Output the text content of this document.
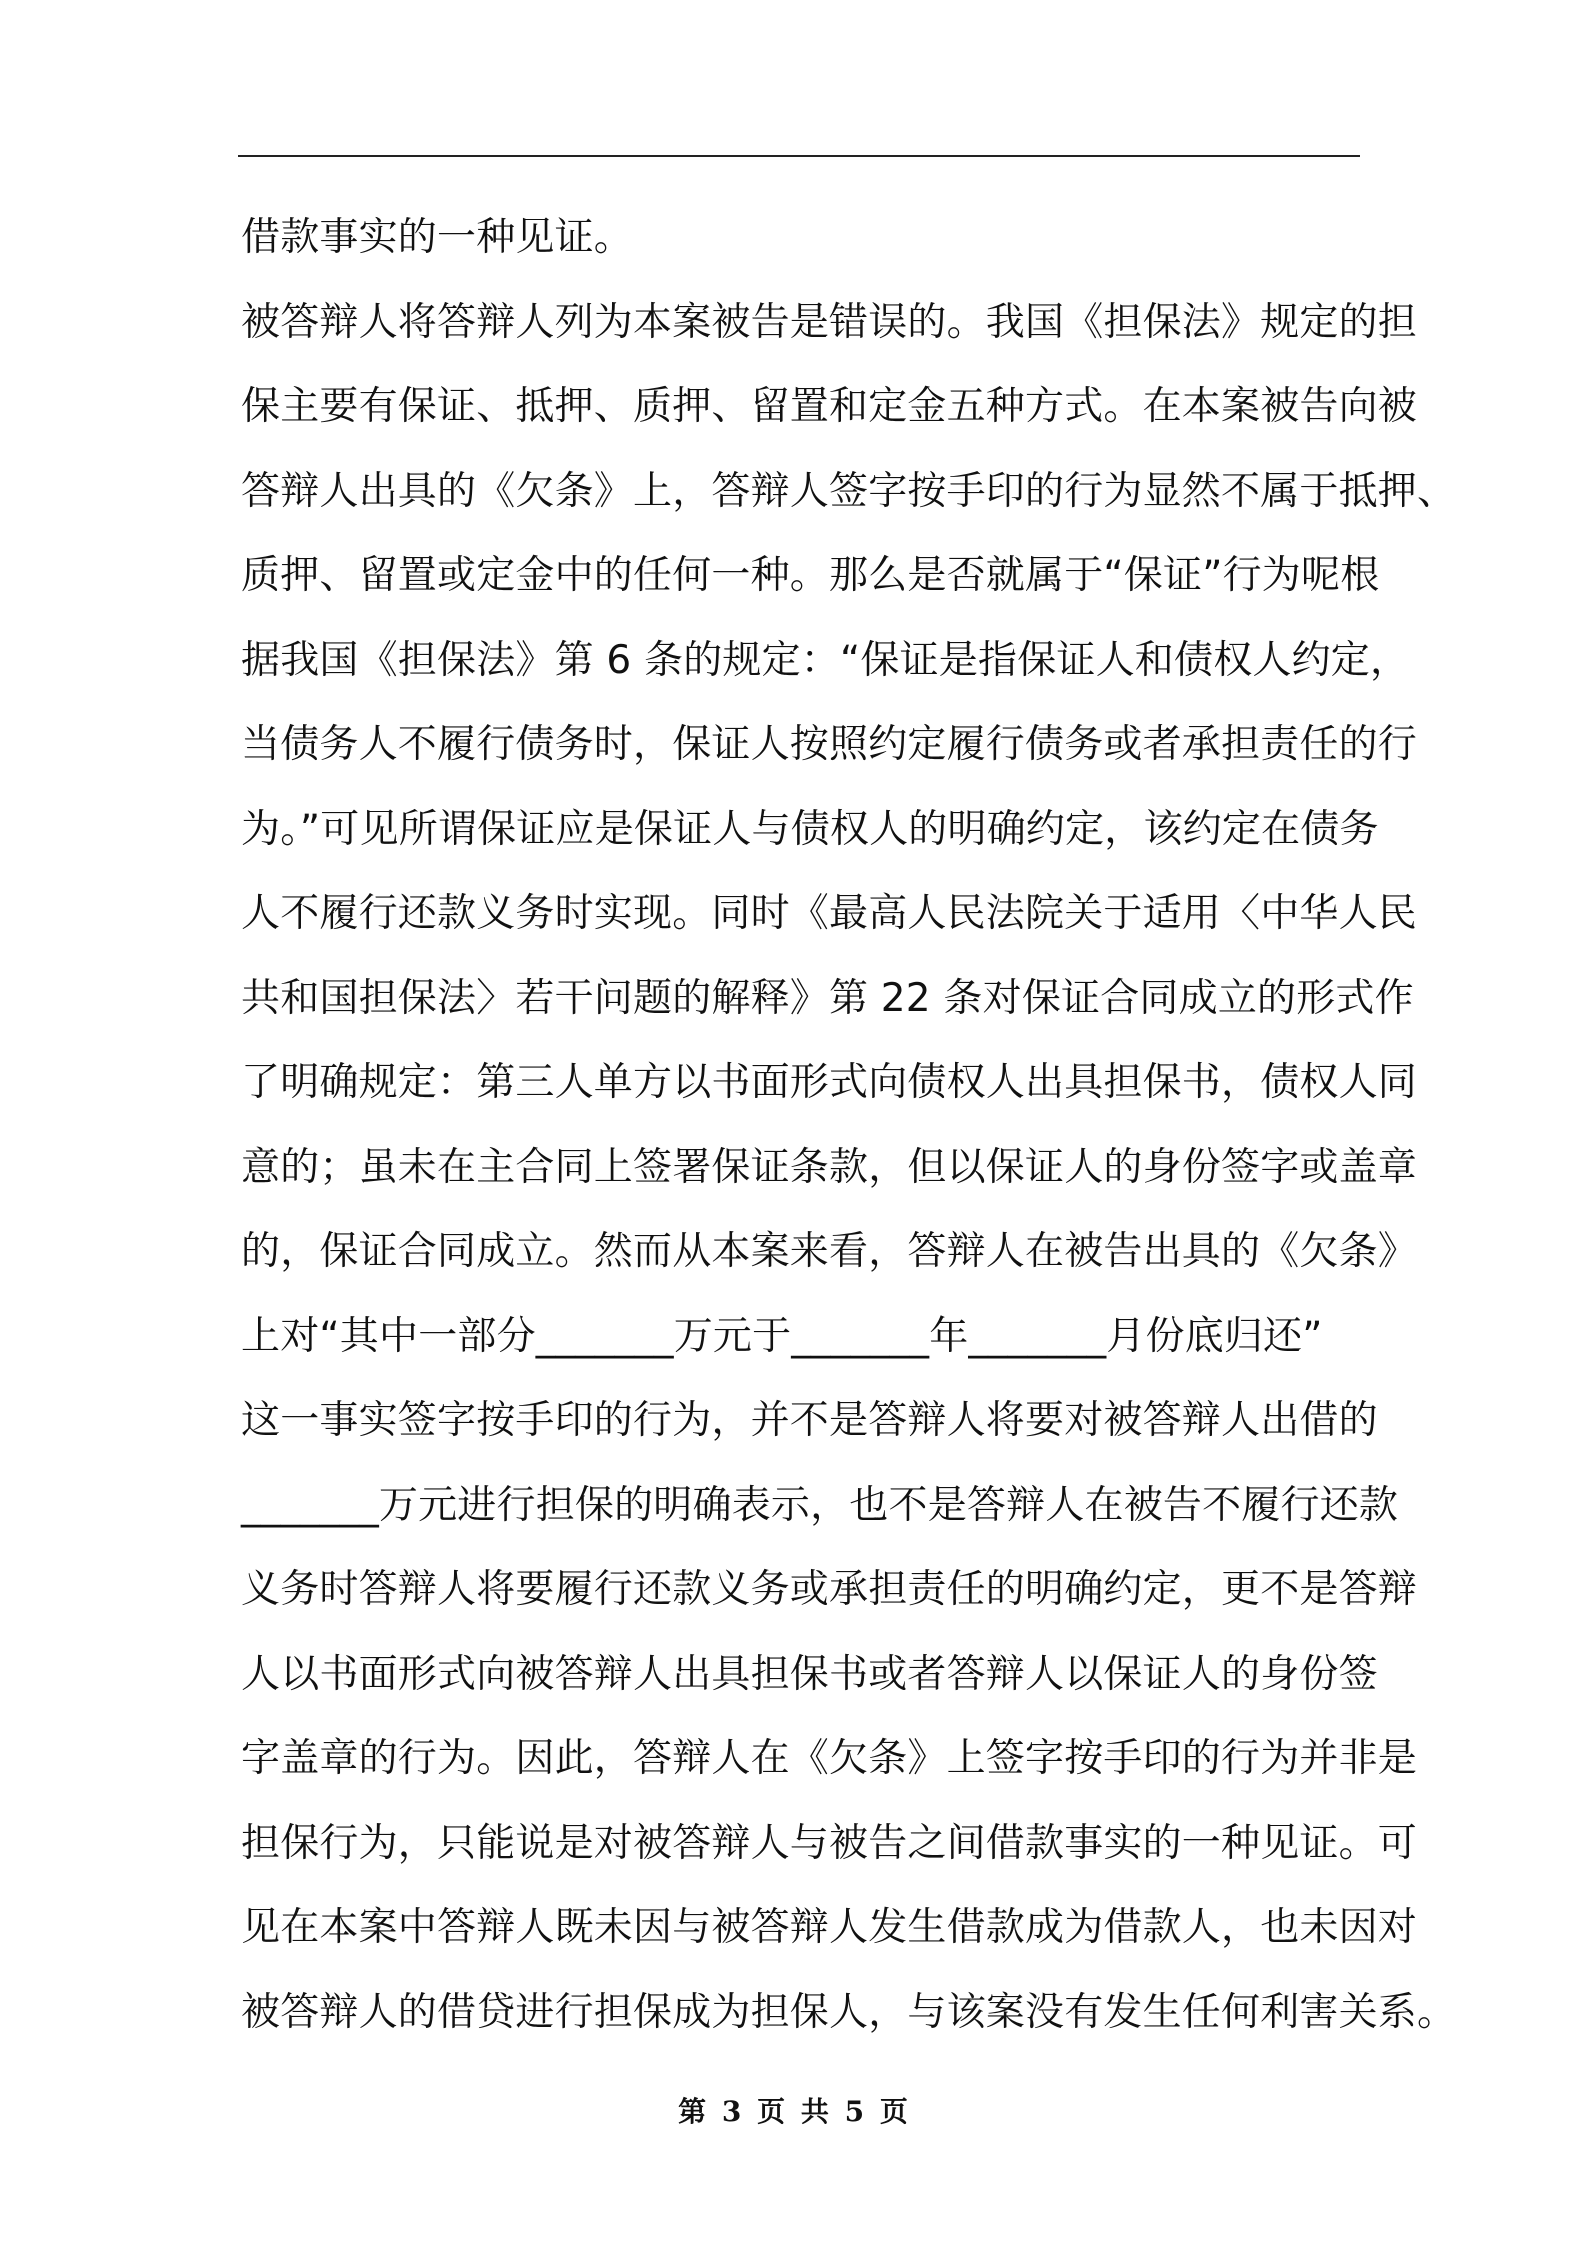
借款事实的一种见证。
被答辩人将答辩人列为本案被告是错误的。我国《担保法》规定的担
保主要有保证、抵押、质押、留置和定金五种方式。在本案被告向被
答辩人出具的《欠条》上，答辩人签字按手印的行为显然不属于抵押、
质押、留置或定金中的任何一种。那么是否就属于“保证”行为呢根
据我国《担保法》第 6 条的规定：“保证是指保证人和债权人约定，
当债务人不履行债务时，保证人按照约定履行债务或者承担责任的行
为。”可见所谓保证应是保证人与债权人的明确约定，该约定在债务
人不履行还款义务时实现。同时《最高人民法院关于适用〈中华人民
共和国担保法〉若干问题的解释》第 22 条对保证合同成立的形式作
了明确规定：第三人单方以书面形式向债权人出具担保书，债权人同
意的；虽未在主合同上签署保证条款，但以保证人的身份签字或盖章
的，保证合同成立。然而从本案来看，答辩人在被告出具的《欠条》
上对“其中一部分_______万元于_______年_______月份底归还”
这一事实签字按手印的行为，并不是答辩人将要对被答辩人出借的
_______万元进行担保的明确表示，也不是答辩人在被告不履行还款
义务时答辩人将要履行还款义务或承担责任的明确约定，更不是答辩
人以书面形式向被答辩人出具担保书或者答辩人以保证人的身份签
字盖章的行为。因此，答辩人在《欠条》上签字按手印的行为并非是
担保行为，只能说是对被答辩人与被告之间借款事实的一种见证。可
见在本案中答辩人既未因与被答辩人发生借款成为借款人，也未因对
被答辩人的借贷进行担保成为担保人，与该案没有发生任何利害关系。
第 3 页 共 5 页
